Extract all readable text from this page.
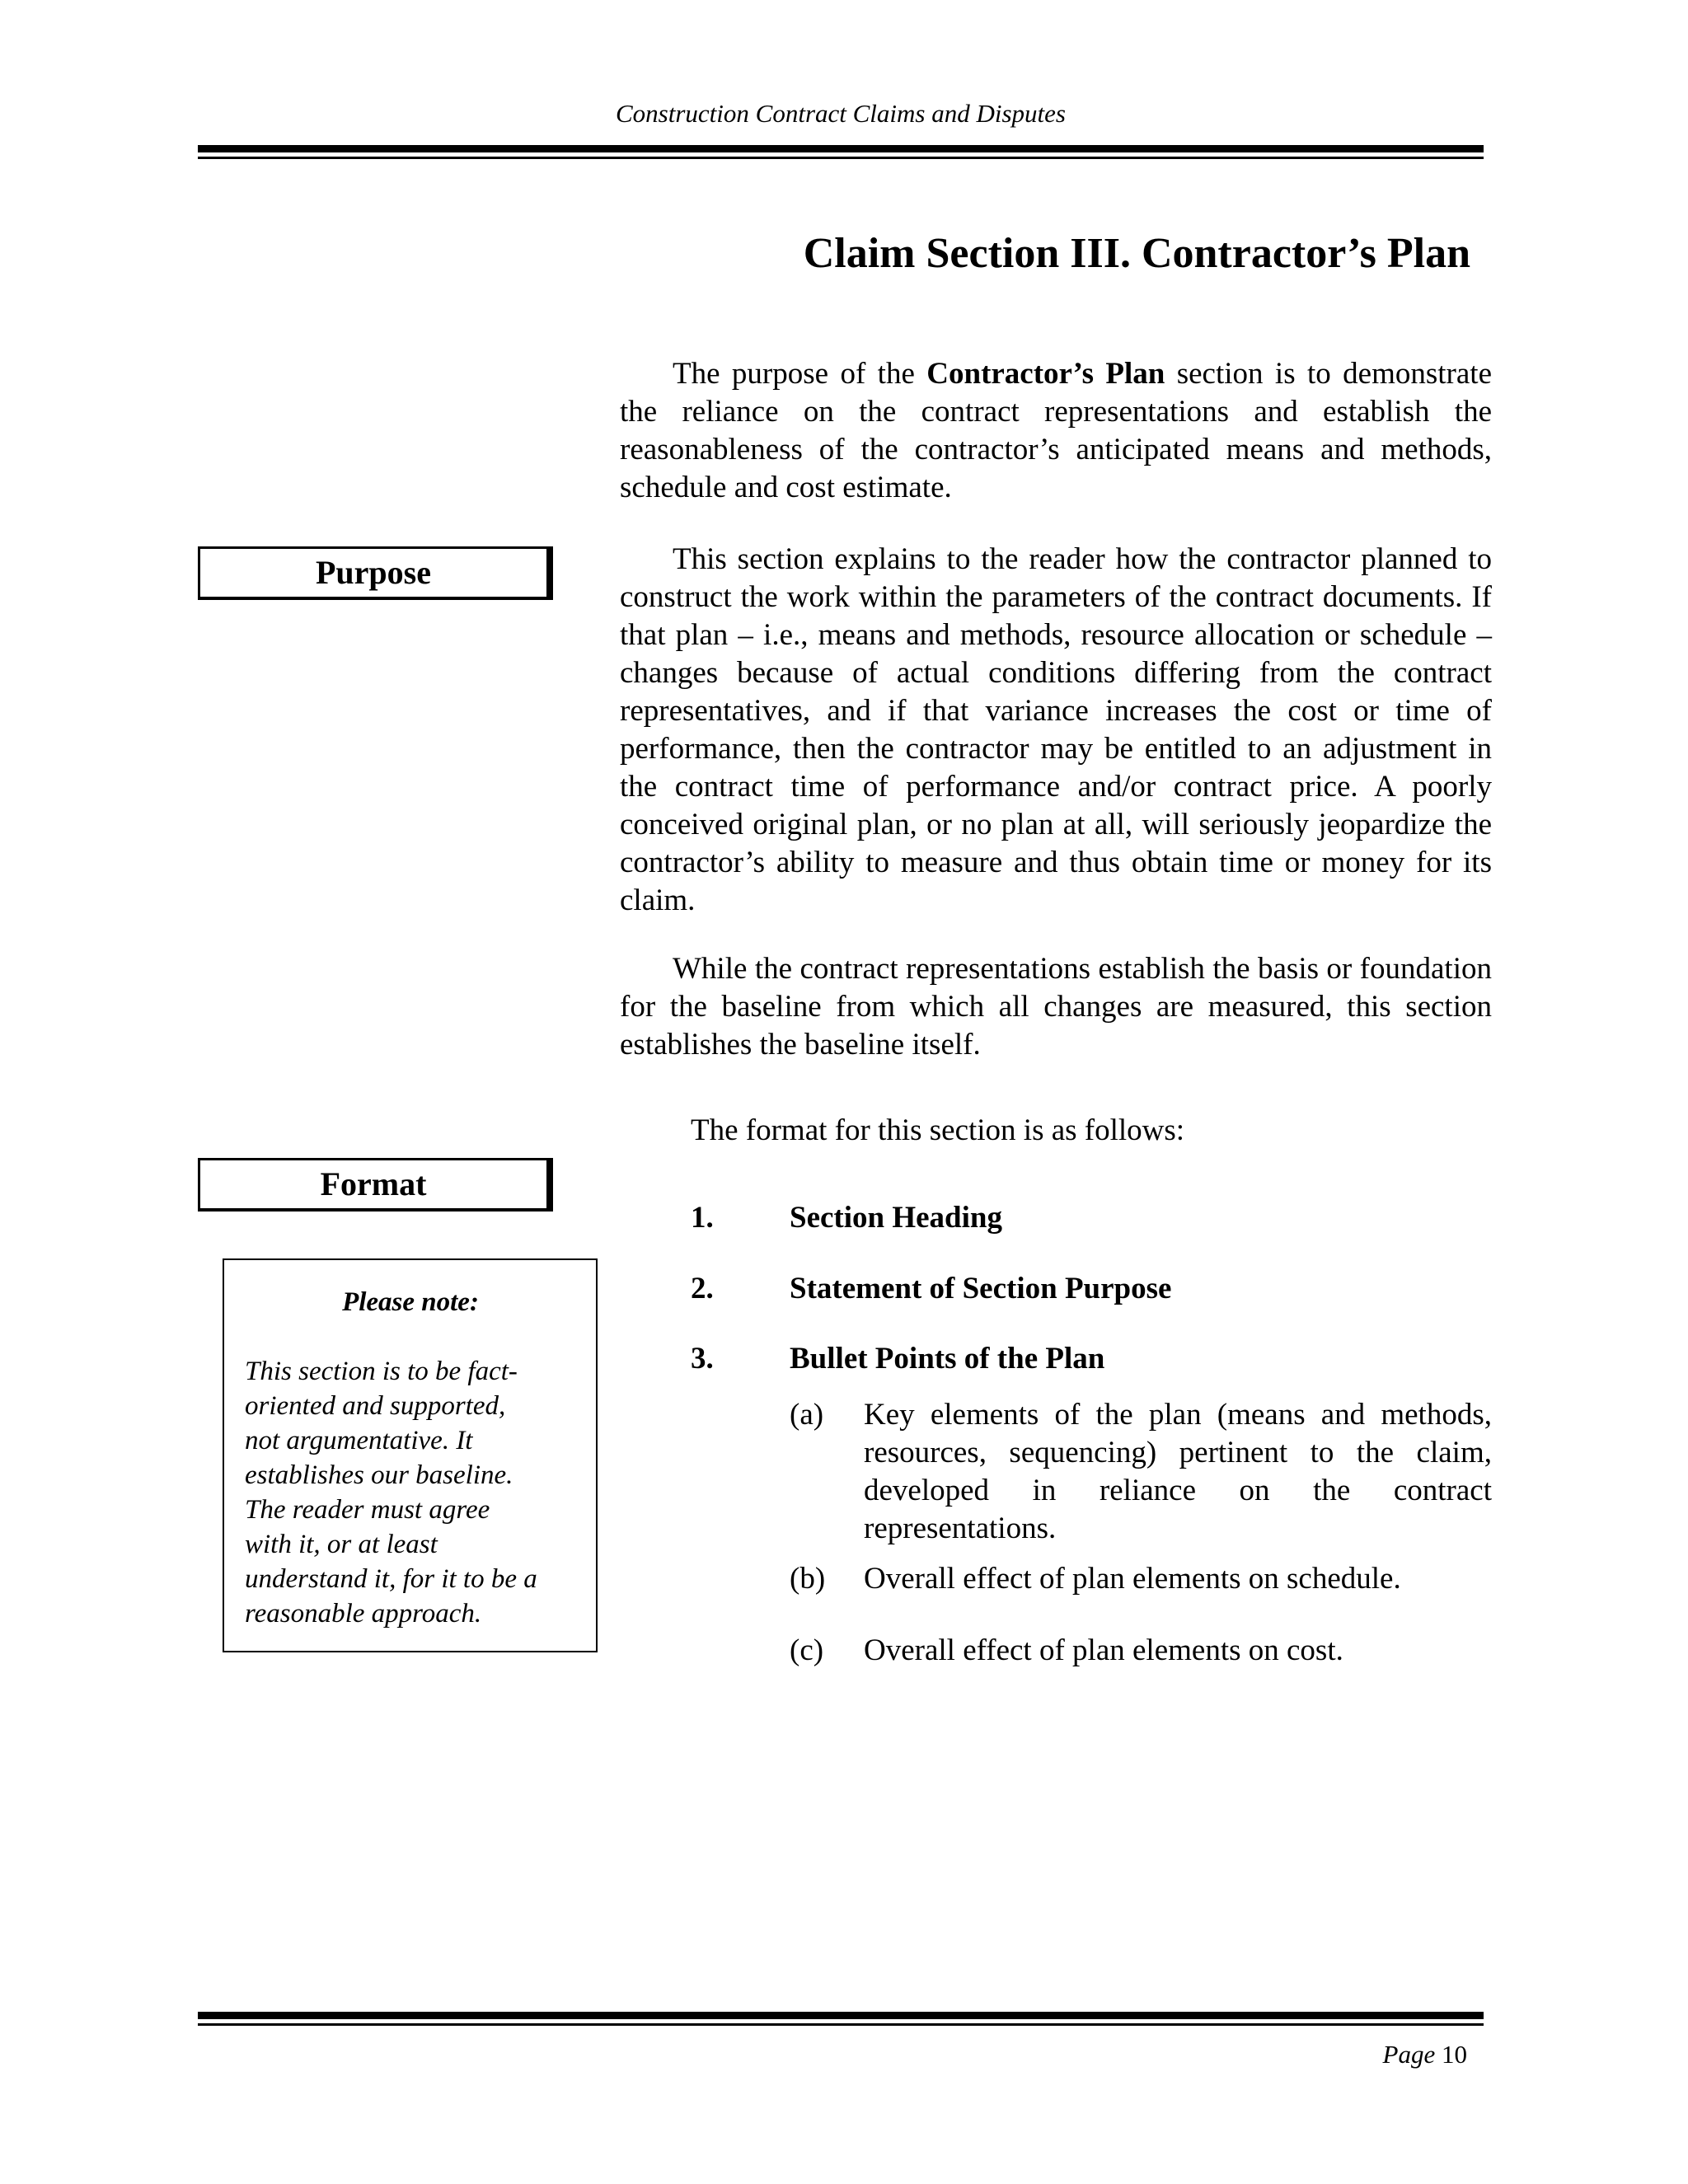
Construction Contract Claims and Disputes
Claim Section III. Contractor’s Plan
Purpose
Format
Please note:
This section is to be fact-
oriented and supported,
not argumentative. It
establishes our baseline.
The reader must agree
with it, or at least
understand it, for it to be a
reasonable approach.

The purpose of the Contractor’s Plan section is to demonstrate the reliance on the contract representations and establish the reasonableness of the contractor’s anticipated means and methods, schedule and cost estimate.

This section explains to the reader how the contractor planned to construct the work within the parameters of the contract documents. If that plan – i.e., means and methods, resource allocation or schedule – changes because of actual conditions differing from the contract representatives, and if that variance increases the cost or time of performance, then the contractor may be entitled to an adjustment in the contract time of performance and/or contract price. A poorly conceived original plan, or no plan at all, will seriously jeopardize the contractor’s ability to measure and thus obtain time or money for its claim.

While the contract representations establish the basis or foundation for the baseline from which all changes are measured, this section establishes the baseline itself.

The format for this section is as follows:
1. Section Heading
2. Statement of Section Purpose
3. Bullet Points of the Plan
(a) Key elements of the plan (means and methods, resources, sequencing) pertinent to the claim, developed in reliance on the contract representations.
(b) Overall effect of plan elements on schedule.
(c) Overall effect of plan elements on cost.
Page 10
